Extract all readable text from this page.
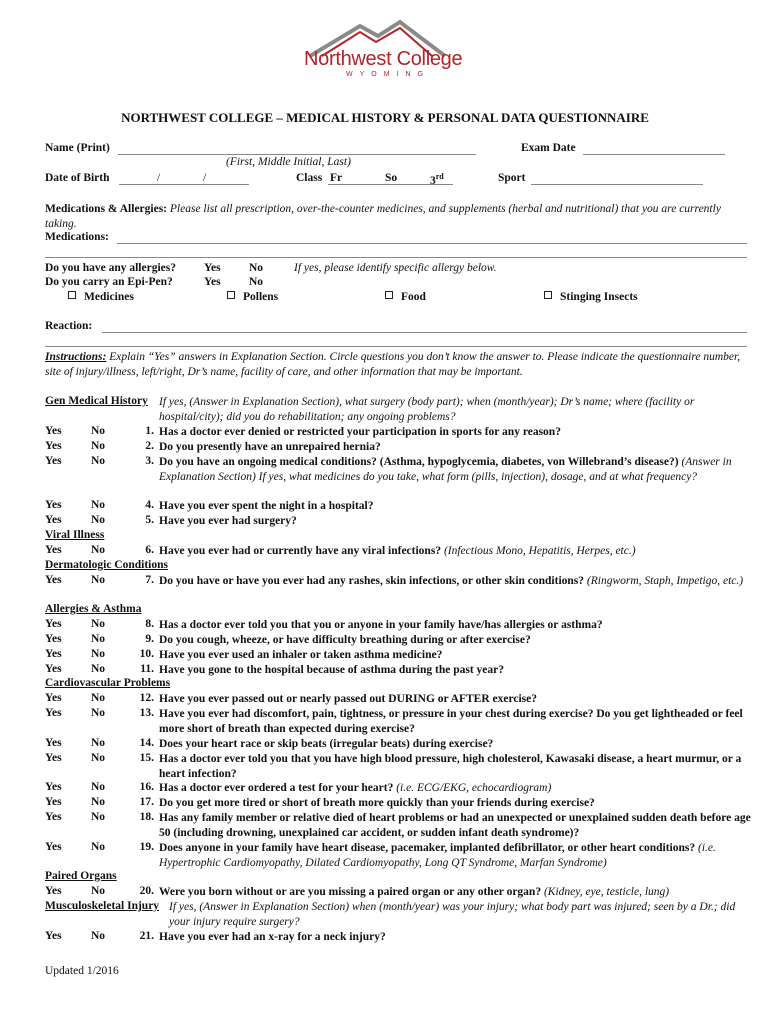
Northwest College
WYOMING
NORTHWEST COLLEGE – MEDICAL HISTORY & PERSONAL DATA QUESTIONNAIRE
Name (Print)	Exam Date
(First, Middle Initial, Last)
Date of Birth	/	/	Class Fr	So	3rd	Sport
Medications & Allergies: Please list all prescription, over-the-counter medicines, and supplements (herbal and nutritional) that you are currently taking.
Medications:
Do you have any allergies? Yes No	If yes, please identify specific allergy below.
Do you carry an Epi-Pen?	Yes No
Medicines	Pollens	Food	Stinging Insects
Reaction:
Instructions: Explain “Yes” answers in Explanation Section. Circle questions you don’t know the answer to. Please indicate the questionnaire number, site of injury/illness, left/right, Dr’s name, facility of care, and other information that may be important.
Gen Medical History If yes, (Answer in Explanation Section), what surgery (body part); when (month/year); Dr’s name; where (facility or hospital/city); did you do rehabilitation; any ongoing problems?
Yes	No	1. Has a doctor ever denied or restricted your participation in sports for any reason?
Yes	No	2. Do you presently have an unrepaired hernia?
Yes	No	3. Do you have an ongoing medical conditions? (Asthma, hypoglycemia, diabetes, von Willebrand’s disease?) (Answer in Explanation Section) If yes, what medicines do you take, what form (pills, injection), dosage, and at what frequency?
Yes	No	4. Have you ever spent the night in a hospital?
Yes	No	5. Have you ever had surgery?
Viral Illness
Yes	No	6. Have you ever had or currently have any viral infections? (Infectious Mono, Hepatitis, Herpes, etc.)
Dermatologic Conditions
Yes	No	7. Do you have or have you ever had any rashes, skin infections, or other skin conditions? (Ringworm, Staph, Impetigo, etc.)
Allergies & Asthma
Yes	No	8. Has a doctor ever told you that you or anyone in your family have/has allergies or asthma?
Yes	No	9. Do you cough, wheeze, or have difficulty breathing during or after exercise?
Yes	No	10. Have you ever used an inhaler or taken asthma medicine?
Yes	No	11. Have you gone to the hospital because of asthma during the past year?
Cardiovascular Problems
Yes	No	12. Have you ever passed out or nearly passed out DURING or AFTER exercise?
Yes	No	13. Have you ever had discomfort, pain, tightness, or pressure in your chest during exercise? Do you get lightheaded or feel more short of breath than expected during exercise?
Yes	No	14. Does your heart race or skip beats (irregular beats) during exercise?
Yes	No	15. Has a doctor ever told you that you have high blood pressure, high cholesterol, Kawasaki disease, a heart murmur, or a heart infection?
Yes	No	16. Has a doctor ever ordered a test for your heart? (i.e. ECG/EKG, echocardiogram)
Yes	No	17. Do you get more tired or short of breath more quickly than your friends during exercise?
Yes	No	18. Has any family member or relative died of heart problems or had an unexpected or unexplained sudden death before age 50 (including drowning, unexplained car accident, or sudden infant death syndrome)?
Yes	No	19. Does anyone in your family have heart disease, pacemaker, implanted defibrillator, or other heart conditions? (i.e. Hypertrophic Cardiomyopathy, Dilated Cardiomyopathy, Long QT Syndrome, Marfan Syndrome)
Paired Organs
Yes	No	20. Were you born without or are you missing a paired organ or any other organ? (Kidney, eye, testicle, lung)
Musculoskeletal Injury If yes, (Answer in Explanation Section) when (month/year) was your injury; what body part was injured; seen by a Dr.; did your injury require surgery?
Yes	No	21. Have you ever had an x-ray for a neck injury?
Updated 1/2016
